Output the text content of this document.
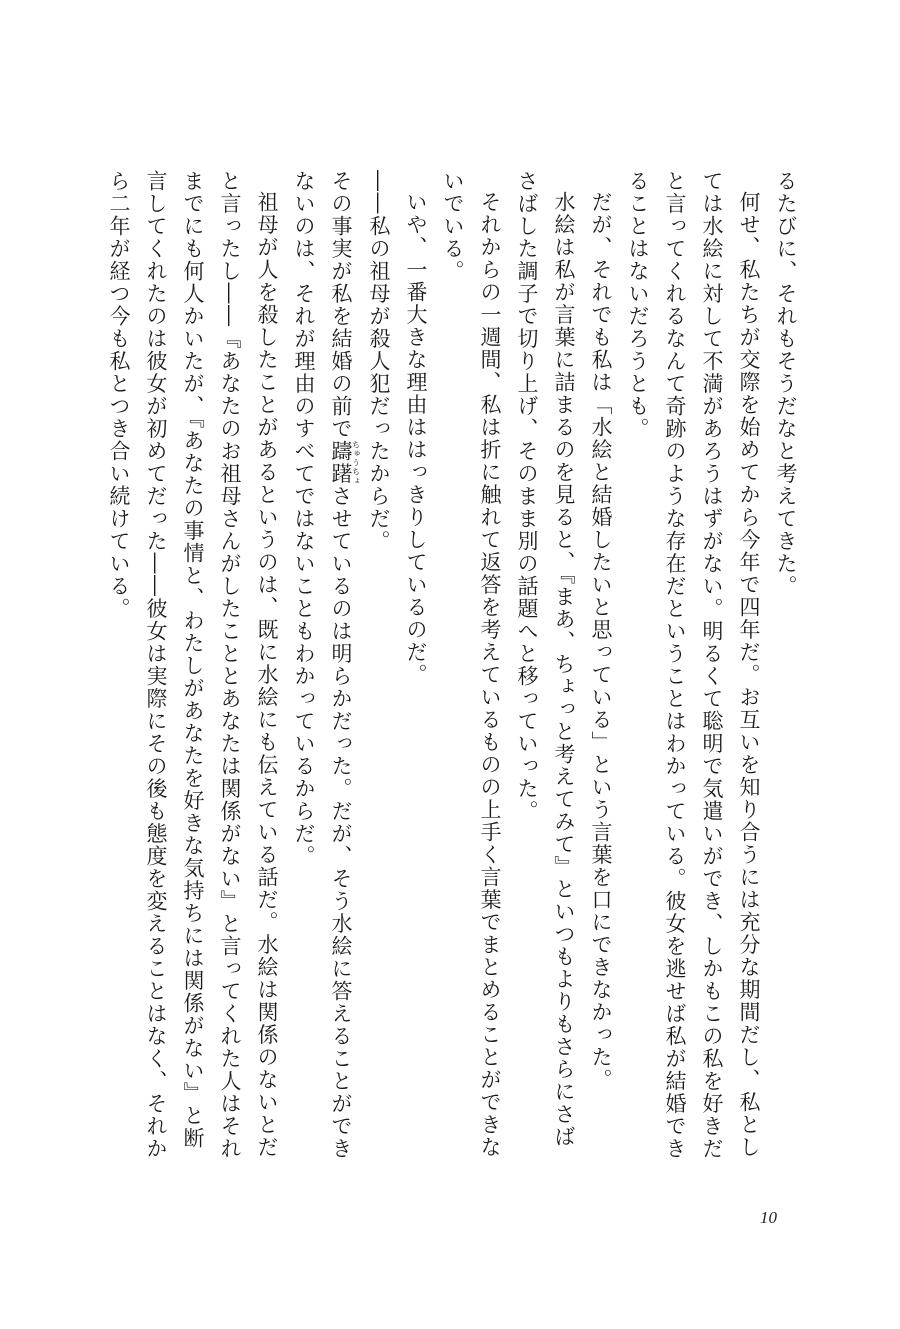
るたびに、それもそうだなと考えてきた。

何せ、私たちが交際を始めてから今年で四年だ。お互いを知り合うには充分な期間だし、私としては水絵に対して不満があろうはずがない。明るくて聡明で気遣いができ、しかもこの私を好きだと言ってくれるなんて奇跡のような存在だということはわかっている。彼女を逃せば私が結婚できることはないだろうとも。

だが、それでも私は「水絵と結婚したいと思っている」という言葉を口にできなかった。

水絵は私が言葉に詰まるのを見ると、『まあ、ちょっと考えてみて』といつもよりもさらにさばさばした調子で切り上げ、そのまま別の話題へと移っていった。

それからの一週間、私は折に触れて返答を考えているものの上手く言葉でまとめることができないでいる。

いや、一番大きな理由ははっきりしているのだ。

――私の祖母が殺人犯だったからだ。

その事実が私を結婚の前で躊躇ちゅうちょさせているのは明らかだった。だが、そう水絵に答えることができないのは、それが理由のすべてではないこともわかっているからだ。

祖母が人を殺したことがあるというのは、既に水絵にも伝えている話だ。水絵は関係のないとだと言ったし――『あなたのお祖母さんがしたこととあなたは関係がない』と言ってくれた人はそれまでにも何人かいたが、『あなたの事情と、わたしがあなたを好きな気持ちには関係がない』と断言してくれたのは彼女が初めてだった――彼女は実際にその後も態度を変えることはなく、それから二年が経つ今も私とつき合い続けている。

10
